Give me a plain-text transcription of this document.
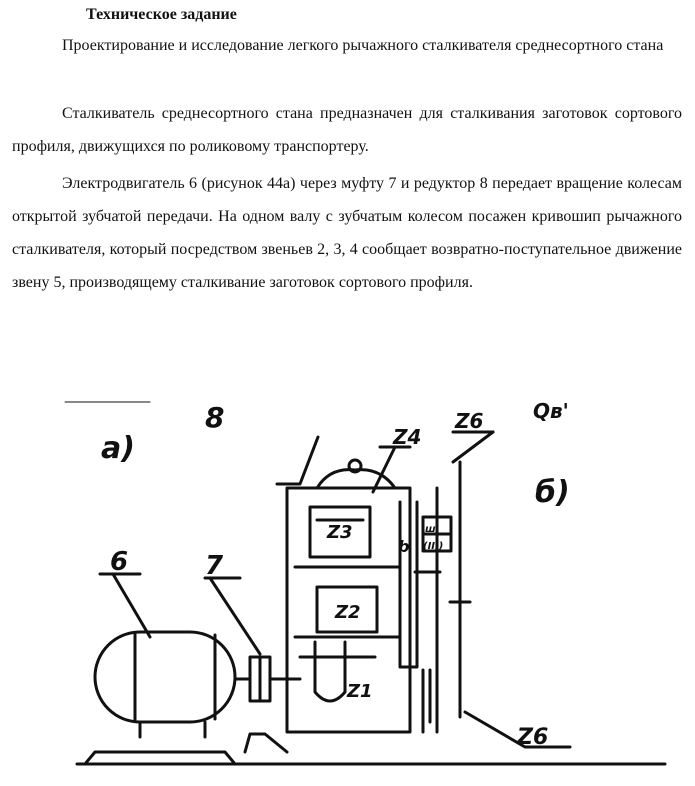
Техническое задание
Проектирование и исследование легкого рычажного сталкивателя среднесортного стана
Сталкиватель среднесортного стана предназначен для сталкивания заготовок сортового профиля, движущихся по роликовому транспортеру.
Электродвигатель 6 (рисунок 44а) через муфту 7 и редуктор 8 передает вращение колесам открытой зубчатой передачи. На одном валу с зубчатым колесом посажен кривошип рычажного сталкивателя, который посредством звеньев 2, 3, 4 сообщает возвратно-поступательное движение звену 5, производящему сталкивание заготовок сортового профиля.
а)
б)
8
6	7
Z4
Z6 Qв'
Z3
Z2
Z1
b
ш
(III)
Z6
